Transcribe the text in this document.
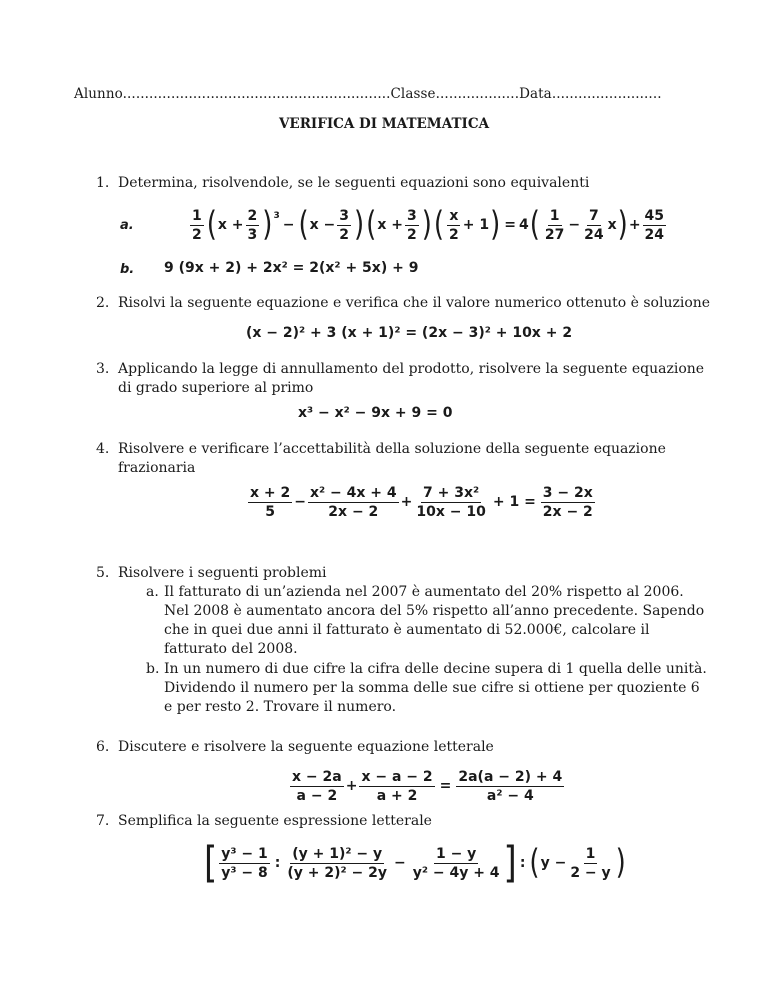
Alunno.............................................................Classe...................Data.........................
VERIFICA DI MATEMATICA
1. Determina, risolvendole, se le seguenti equazioni sono equivalenti
a.	$\frac{1}{2}$ ( $x + \frac{2}{3} )^3$
− ( $x - \frac{3}{2}$ ) ( $x + \frac{3}{2}$ ) ( $\frac{x}{2} + 1$ ) = 4 ( $\frac{1}{27} - \frac{7}{24}$ x ) + $\frac{45}{24}$
b. 9 (9x + 2) + 2x² = 2(x² + 5x) + 9
2. Risolvi la seguente equazione e verifica che il valore numerico ottenuto è soluzione
(x − 2)² + 3 (x + 1)² = (2x − 3)² + 10x + 2
3. Applicando la legge di annullamento del prodotto, risolvere la seguente equazione
di grado superiore al primo
x³ − x² − 9x + 9 = 0
4. Risolvere e verificare l’accettabilità della soluzione della seguente equazione
frazionaria
$\frac{x + 2}{5} - \frac{\text{x² − 4x + 4}}{2x - 2} + \frac{\text{7 + 3x²}}{10x - 10} + 1 = \frac{3 - 2x}{2x - 2}$
5. Risolvere i seguenti problemi
a. Il fatturato di un’azienda nel 2007 è aumentato del 20% rispetto al 2006.
Nel 2008 è aumentato ancora del 5% rispetto all’anno precedente. Sapendo
che in quei due anni il fatturato è aumentato di 52.000€, calcolare il
fatturato del 2008.
b. In un numero di due cifre la cifra delle decine supera di 1 quella delle unità.
Dividendo il numero per la somma delle sue cifre si ottiene per quoziente 6
e per resto 2. Trovare il numero.
6. Discutere e risolvere la seguente equazione letterale
$\frac{x - 2a}{a - 2} + \frac{x - a - 2}{a + 2} = \frac{2a(a - 2) + 4}{\text{a² − 4}}$
7. Semplifica la seguente espressione letterale
[ $\frac{\text{y³ − 1}}{\text{y³ − 8}}$ : $\frac{\text{(y + 1)² − y}}{\text{(y + 2)² − 2y}} - \frac{1 - y}{\text{y² − 4y + 4}}$ ] : ( $y - \frac{1}{2 - y}$ )
